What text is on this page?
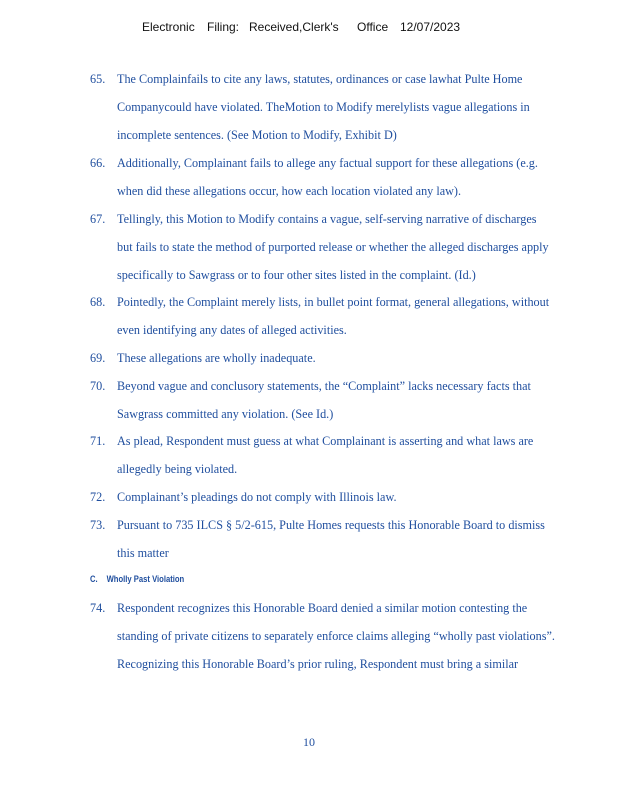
Electronic Filing: Received,Clerk's Office 12/07/2023
65. The Complainfails to cite any laws, statutes, ordinances or case lawhat Pulte Home
Companycould have violated. TheMotion to Modify merelylists vague allegations in
incomplete sentences. (See Motion to Modify, Exhibit D)
66. Additionally, Complainant fails to allege any factual support for these allegations (e.g.
when did these allegations occur, how each location violated any law).
67. Tellingly, this Motion to Modify contains a vague, self-serving narrative of discharges
but fails to state the method of purported release or whether the alleged discharges apply
specifically to Sawgrass or to four other sites listed in the complaint. (Id.)
68. Pointedly, the Complaint merely lists, in bullet point format, general allegations, without
even identifying any dates of alleged activities.
69. These allegations are wholly inadequate.
70. Beyond vague and conclusory statements, the “Complaint” lacks necessary facts that
Sawgrass committed any violation. (See Id.)
71. As plead, Respondent must guess at what Complainant is asserting and what laws are
allegedly being violated.
72. Complainant’s pleadings do not comply with Illinois law.
73. Pursuant to 735 ILCS § 5/2-615, Pulte Homes requests this Honorable Board to dismiss
this matter
C. Wholly Past Violation
74. Respondent recognizes this Honorable Board denied a similar motion contesting the
standing of private citizens to separately enforce claims alleging “wholly past violations”.
Recognizing this Honorable Board’s prior ruling, Respondent must bring a similar
10
